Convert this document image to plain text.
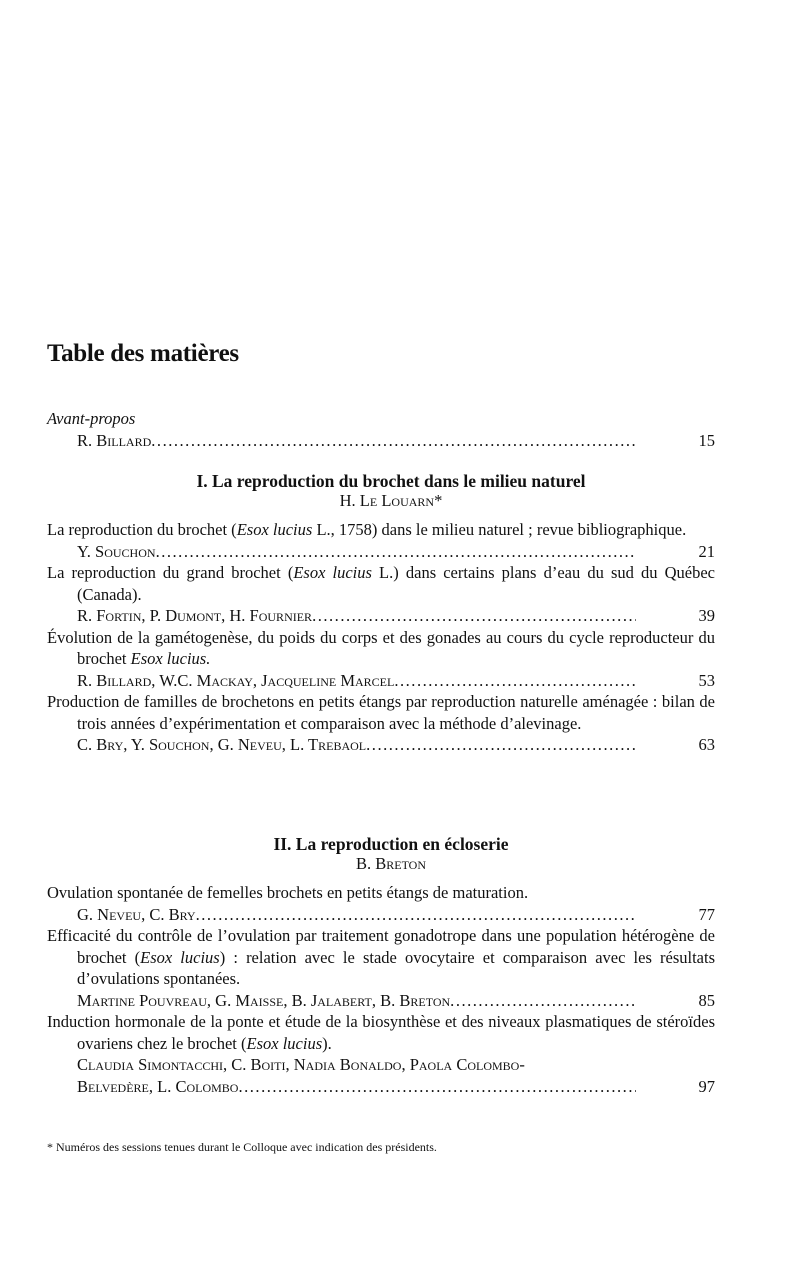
Table des matières
Avant-propos
R. Billard . . .	15
I. La reproduction du brochet dans le milieu naturel
H. Le Louarn*
La reproduction du brochet (Esox lucius L., 1758) dans le milieu naturel ; revue bibliographique.
Y. Souchon . . .	21
La reproduction du grand brochet (Esox lucius L.) dans certains plans d’eau du sud du Québec (Canada).
R. Fortin, P. Dumont, H. Fournier . . .	39
Évolution de la gamétogenèse, du poids du corps et des gonades au cours du cycle reproducteur du brochet Esox lucius.
R. Billard, W.C. Mackay, Jacqueline Marcel . . .	53
Production de familles de brochetons en petits étangs par reproduction naturelle aménagée : bilan de trois années d’expérimentation et comparaison avec la méthode d’alevinage.
C. Bry, Y. Souchon, G. Neveu, L. Trebaol . . .	63
II. La reproduction en écloserie
B. Breton
Ovulation spontanée de femelles brochets en petits étangs de maturation.
G. Neveu, C. Bry . . .	77
Efficacité du contrôle de l’ovulation par traitement gonadotrope dans une population hétérogène de brochet (Esox lucius) : relation avec le stade ovocytaire et comparaison avec les résultats d’ovulations spontanées.
Martine Pouvreau, G. Maisse, B. Jalabert, B. Breton . . .	85
Induction hormonale de la ponte et étude de la biosynthèse et des niveaux plasmatiques de stéroïdes ovariens chez le brochet (Esox lucius).
Claudia Simontacchi, C. Boiti, Nadia Bonaldo, Paola Colombo-
Belvedère, L. Colombo . . .	97
* Numéros des sessions tenues durant le Colloque avec indication des présidents.
